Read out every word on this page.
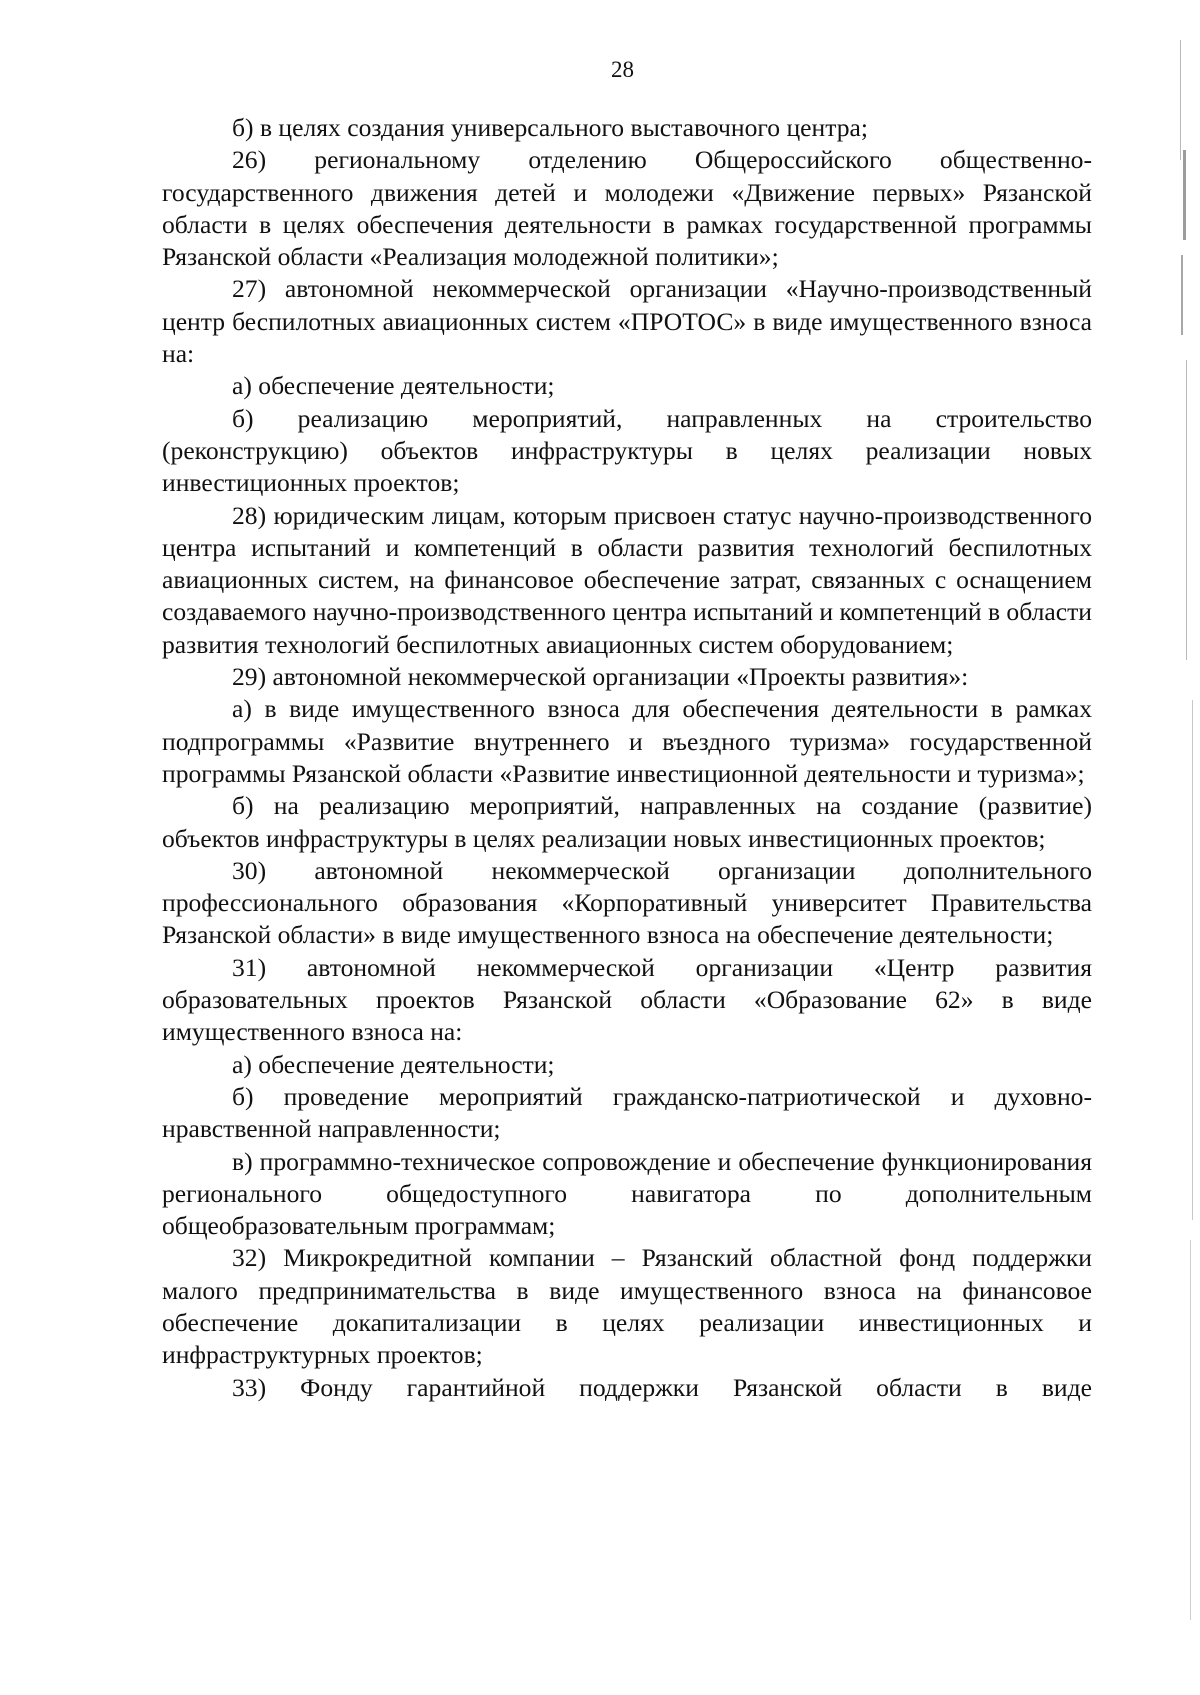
28

б) в целях создания универсального выставочного центра;

26) региональному отделению Общероссийского общественно-государственного движения детей и молодежи «Движение первых» Рязанской области в целях обеспечения деятельности в рамках государственной программы Рязанской области «Реализация молодежной политики»;

27) автономной некоммерческой организации «Научно-производственный центр беспилотных авиационных систем «ПРОТОС» в виде имущественного взноса на:

а) обеспечение деятельности;

б) реализацию мероприятий, направленных на строительство (реконструкцию) объектов инфраструктуры в целях реализации новых инвестиционных проектов;

28) юридическим лицам, которым присвоен статус научно-производственного центра испытаний и компетенций в области развития технологий беспилотных авиационных систем, на финансовое обеспечение затрат, связанных с оснащением создаваемого научно-производственного центра испытаний и компетенций в области развития технологий беспилотных авиационных систем оборудованием;

29) автономной некоммерческой организации «Проекты развития»:

а) в виде имущественного взноса для обеспечения деятельности в рамках подпрограммы «Развитие внутреннего и въездного туризма» государственной программы Рязанской области «Развитие инвестиционной деятельности и туризма»;

б) на реализацию мероприятий, направленных на создание (развитие) объектов инфраструктуры в целях реализации новых инвестиционных проектов;

30) автономной некоммерческой организации дополнительного профессионального образования «Корпоративный университет Правительства Рязанской области» в виде имущественного взноса на обеспечение деятельности;

31) автономной некоммерческой организации «Центр развития образовательных проектов Рязанской области «Образование 62» в виде имущественного взноса на:

а) обеспечение деятельности;

б) проведение мероприятий гражданско-патриотической и духовно-нравственной направленности;

в) программно-техническое сопровождение и обеспечение функционирования регионального общедоступного навигатора по дополнительным общеобразовательным программам;

32) Микрокредитной компании – Рязанский областной фонд поддержки малого предпринимательства в виде имущественного взноса на финансовое обеспечение докапитализации в целях реализации инвестиционных и инфраструктурных проектов;

33) Фонду гарантийной поддержки Рязанской области в виде
